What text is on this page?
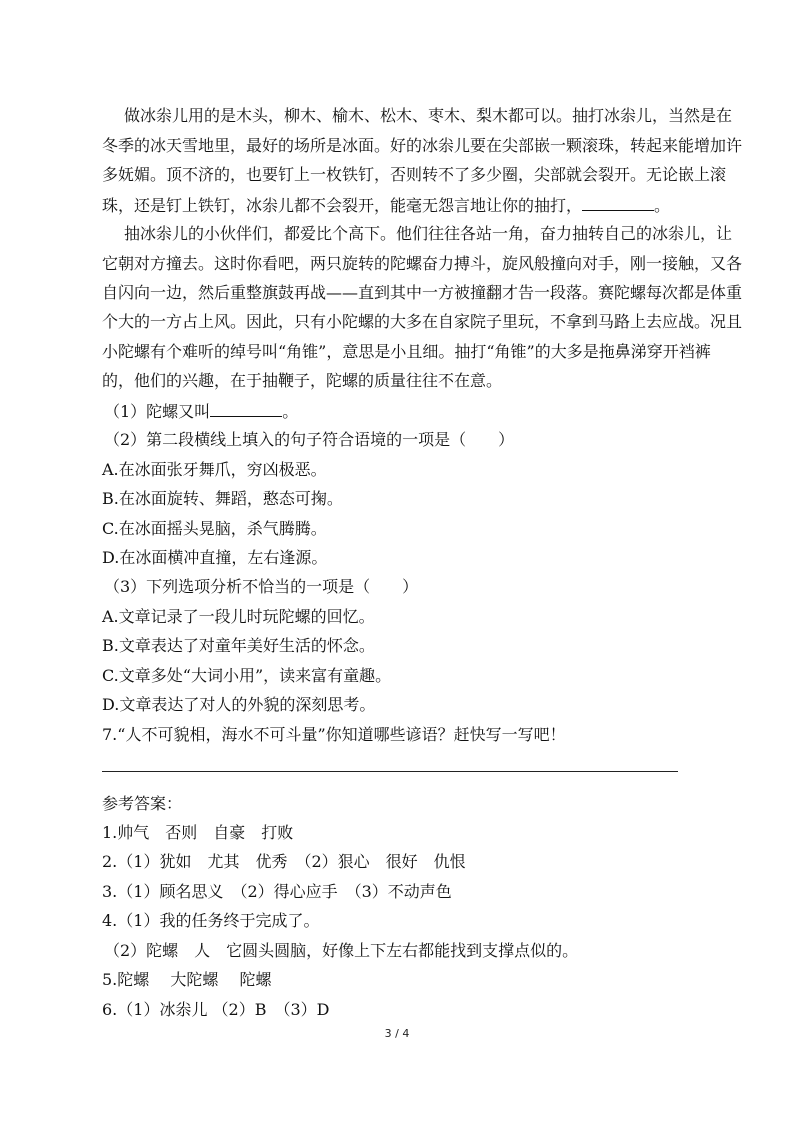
做冰尜儿用的是木头，柳木、榆木、松木、枣木、梨木都可以。抽打冰尜儿，当然是在
冬季的冰天雪地里，最好的场所是冰面。好的冰尜儿要在尖部嵌一颗滚珠，转起来能增加许
多妩媚。顶不济的，也要钉上一枚铁钉，否则转不了多少圈，尖部就会裂开。无论嵌上滚
珠，还是钉上铁钉，冰尜儿都不会裂开，能毫无怨言地让你的抽打，	。
抽冰尜儿的小伙伴们，都爱比个高下。他们往往各站一角，奋力抽转自己的冰尜儿，让
它朝对方撞去。这时你看吧，两只旋转的陀螺奋力搏斗，旋风般撞向对手，刚一接触，又各
自闪向一边，然后重整旗鼓再战——直到其中一方被撞翻才告一段落。赛陀螺每次都是体重
个大的一方占上风。因此，只有小陀螺的大多在自家院子里玩，不拿到马路上去应战。况且
小陀螺有个难听的绰号叫“角锥”，意思是小且细。抽打“角锥”的大多是拖鼻涕穿开裆裤
的，他们的兴趣，在于抽鞭子，陀螺的质量往往不在意。
（1）陀螺又叫	。
（2）第二段横线上填入的句子符合语境的一项是（　　）
A.在冰面张牙舞爪，穷凶极恶。
B.在冰面旋转、舞蹈，憨态可掬。
C.在冰面摇头晃脑，杀气腾腾。
D.在冰面横冲直撞，左右逢源。
（3）下列选项分析不恰当的一项是（　　）
A.文章记录了一段儿时玩陀螺的回忆。
B.文章表达了对童年美好生活的怀念。
C.文章多处“大词小用”，读来富有童趣。
D.文章表达了对人的外貌的深刻思考。
7.“人不可貌相，海水不可斗量”你知道哪些谚语？赶快写一写吧！
参考答案：
1.帅气　否则　自豪　打败
2.（1）犹如　尤其　优秀　（2）狠心　很好　仇恨
3.（1）顾名思义　（2）得心应手　（3）不动声色
4.（1）我的任务终于完成了。
（2）陀螺　人　它圆头圆脑，好像上下左右都能找到支撑点似的。
5.陀螺　 大陀螺　 陀螺
6.（1）冰尜儿 （2）B　（3）D
3 / 4
